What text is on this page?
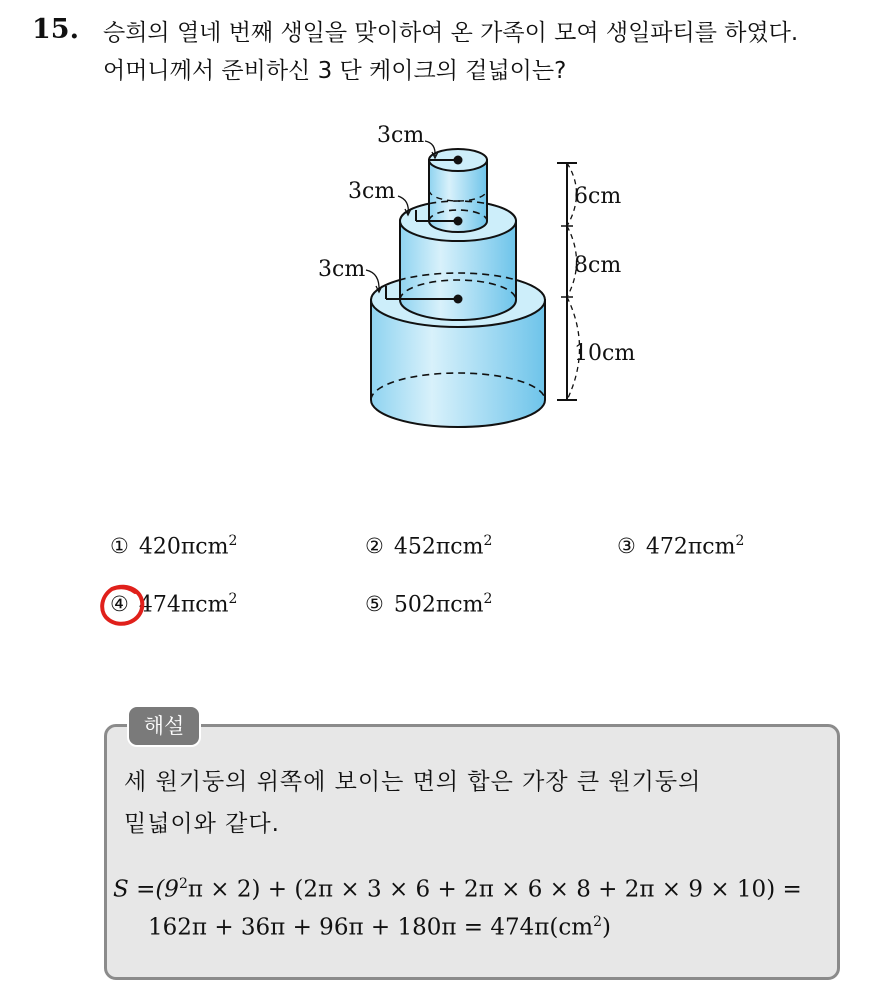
15. 승희의 열네 번째 생일을 맞이하여 온 가족이 모여 생일파티를 하였다.
어머니께서 준비하신 3 단 케이크의 겉넓이는?
3cm
3cm
3cm
6cm
8cm
10cm
① 420πcm$^2$	② 452πcm$^2$	③ 472πcm$^2$
④ 474πcm$^2$	⑤ 502πcm$^2$
해설
세 원기둥의 위쪽에 보이는 면의 합은 가장 큰 원기둥의
밑넓이와 같다.
$S =(9^2\pi \times 2) + (2\pi \times 3 \times 6 + 2\pi \times 6 \times 8 + 2\pi \times 9 \times 10)$ =
$162\pi + 36\pi + 96\pi + 180\pi = 474\pi(cm^2)$
